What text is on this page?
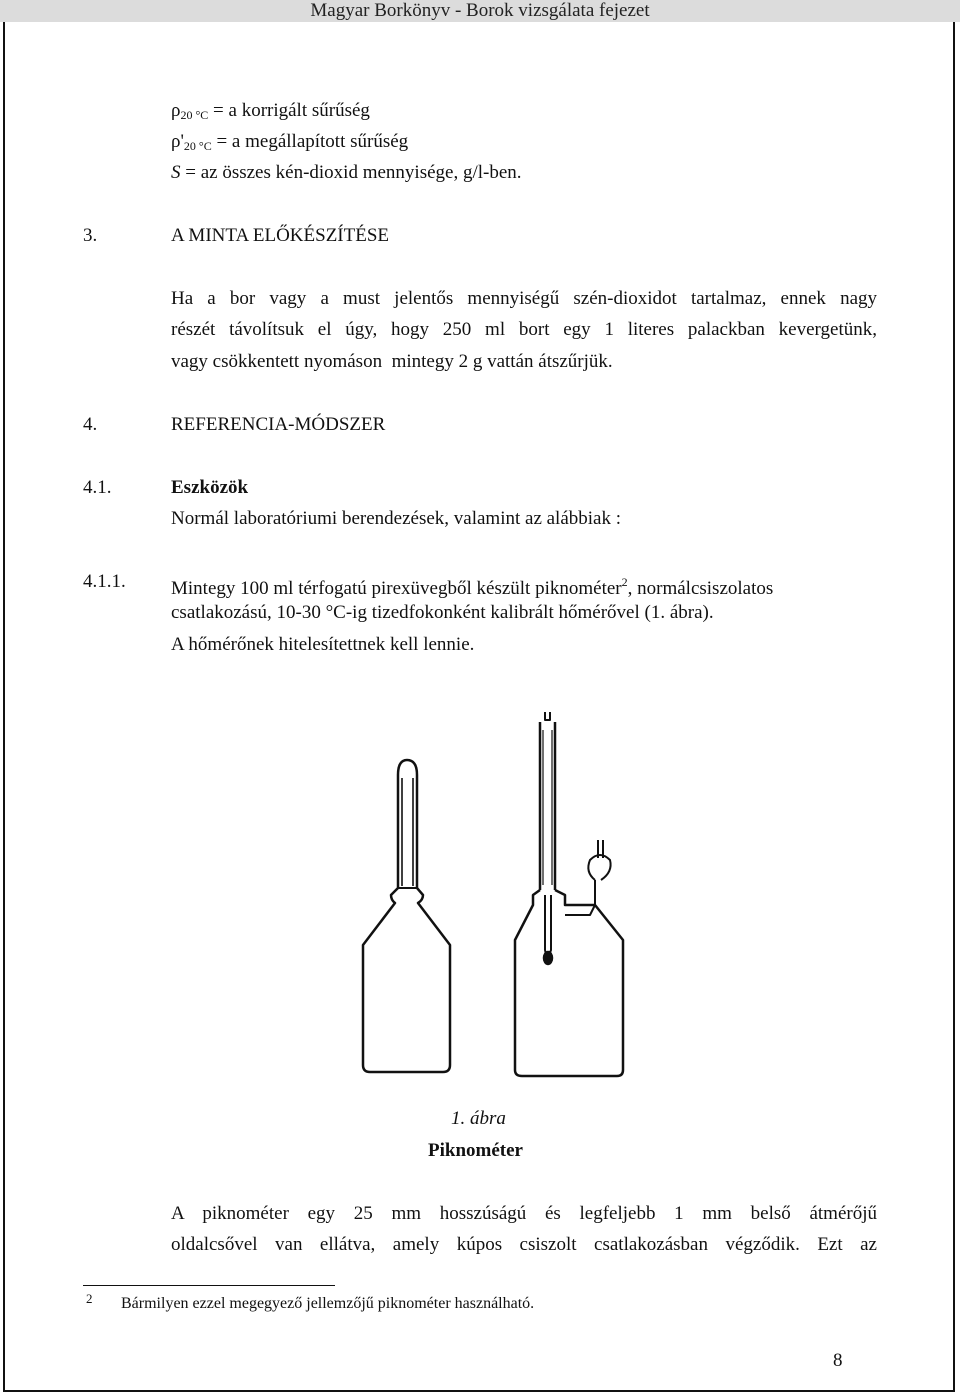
Magyar Borkönyv - Borok vizsgálata fejezet
$\rho_{20 ^\circ C} = a$ korrigált sűrűség
$\rho'_{20 ^\circ C} = a$ megállapított sűrűség
S = az összes kén-dioxid mennyisége, g/l-ben.
3.	A MINTA ELŐKÉSZÍTÉSE
Ha a bor vagy a must jelentős mennyiségű szén-dioxidot tartalmaz, ennek nagy
részét távolítsuk el úgy, hogy 250 ml bort egy 1 literes palackban kevergetünk,
vagy csökkentett nyomáson  mintegy 2 g vattán átszűrjük.
4.	REFERENCIA-MÓDSZER
4.1.	Eszközök
Normál laboratóriumi berendezések, valamint az alábbiak :
4.1.1. Mintegy 100 ml térfogatú pirexüvegből készült piknométer$^2$, normálcsiszolatos
csatlakozású, 10-30 °C-ig tizedfokonként kalibrált hőmérővel (1. ábra).
A hőmérőnek hitelesítettnek kell lennie.
1. ábra
Piknométer
A piknométer egy 25 mm hosszúságú és legfeljebb 1 mm belső átmérőjű
oldalcsővel van ellátva, amely kúpos csiszolt csatlakozásban végződik. Ezt az
2 Bármilyen ezzel megegyező jellemzőjű piknométer használható.
8
